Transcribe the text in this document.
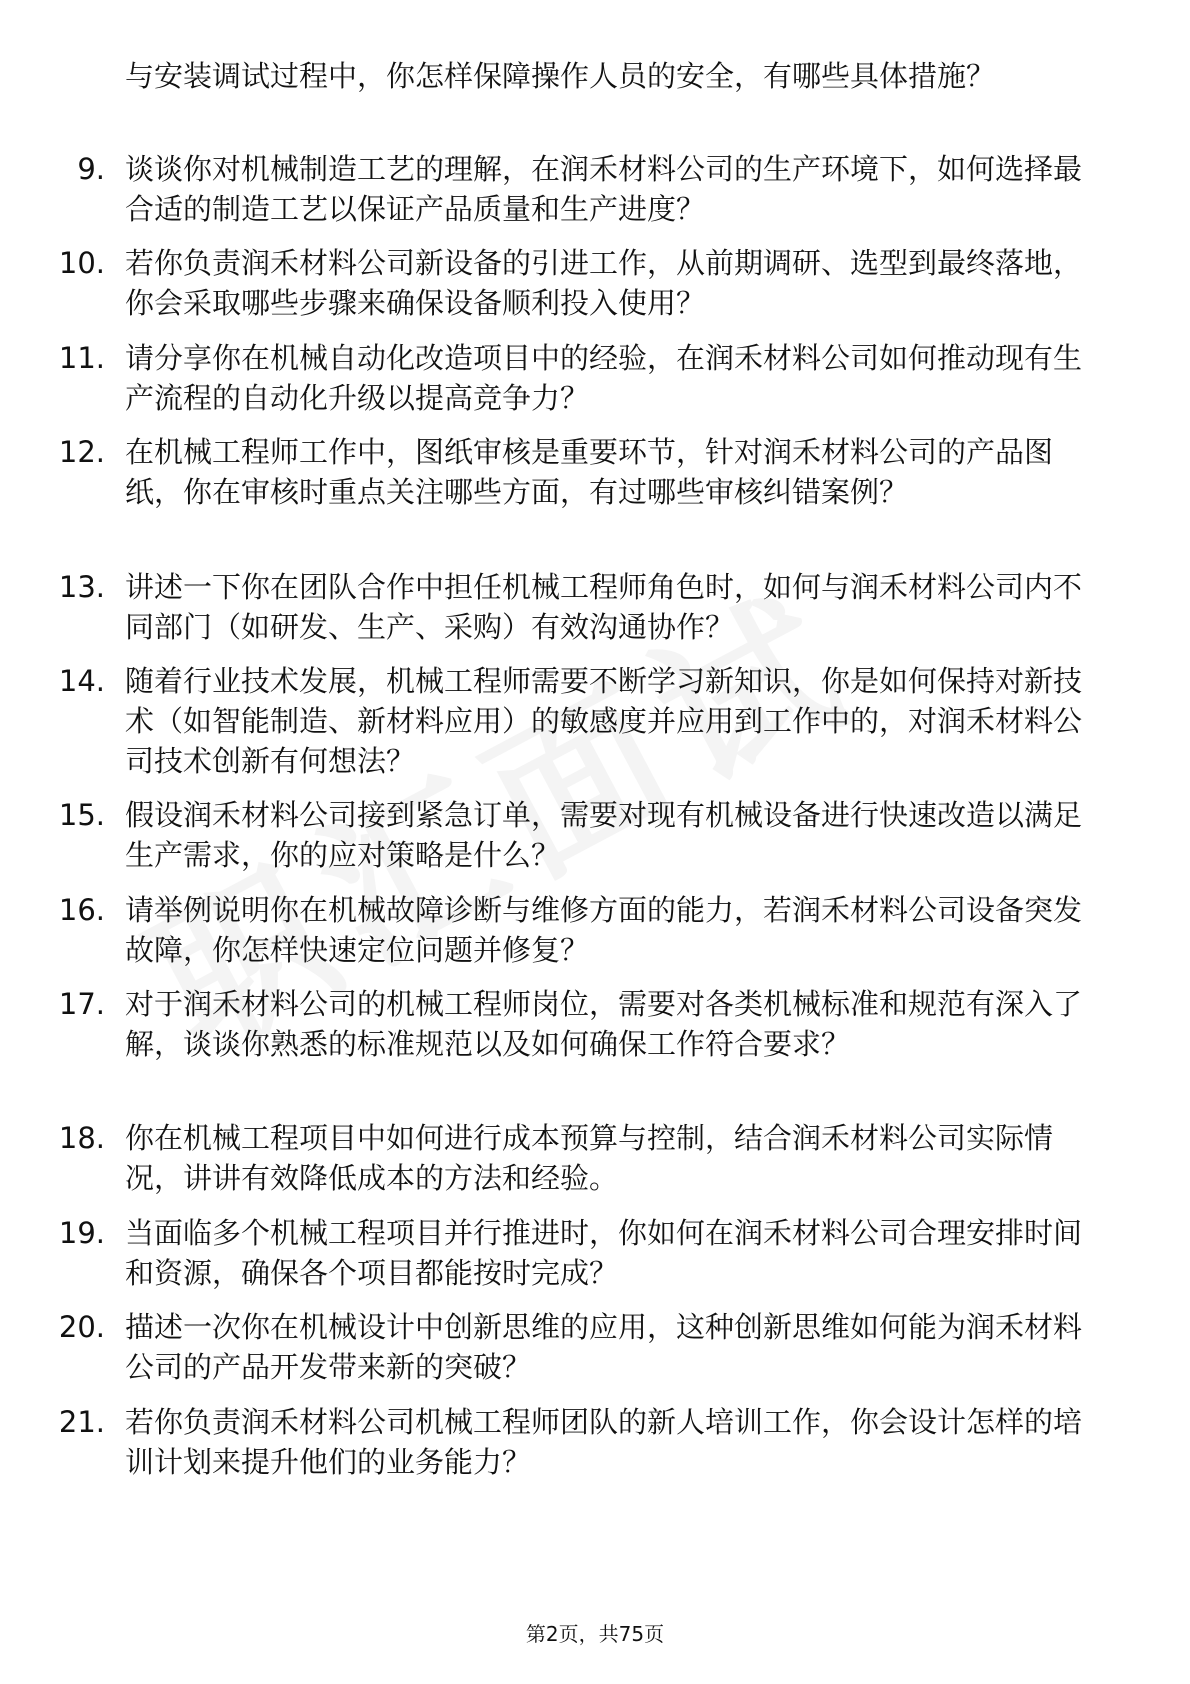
与安装调试过程中，你怎样保障操作人员的安全，有哪些具体措施？
9. 谈谈你对机械制造工艺的理解，在润禾材料公司的生产环境下，如何选择最合适的制造工艺以保证产品质量和生产进度？
10. 若你负责润禾材料公司新设备的引进工作，从前期调研、选型到最终落地，你会采取哪些步骤来确保设备顺利投入使用？
11. 请分享你在机械自动化改造项目中的经验，在润禾材料公司如何推动现有生产流程的自动化升级以提高竞争力？
12. 在机械工程师工作中，图纸审核是重要环节，针对润禾材料公司的产品图纸，你在审核时重点关注哪些方面，有过哪些审核纠错案例？
13. 讲述一下你在团队合作中担任机械工程师角色时，如何与润禾材料公司内不同部门（如研发、生产、采购）有效沟通协作？
14. 随着行业技术发展，机械工程师需要不断学习新知识，你是如何保持对新技术（如智能制造、新材料应用）的敏感度并应用到工作中的，对润禾材料公司技术创新有何想法？
15. 假设润禾材料公司接到紧急订单，需要对现有机械设备进行快速改造以满足生产需求，你的应对策略是什么？
16. 请举例说明你在机械故障诊断与维修方面的能力，若润禾材料公司设备突发故障，你怎样快速定位问题并修复？
17. 对于润禾材料公司的机械工程师岗位，需要对各类机械标准和规范有深入了解，谈谈你熟悉的标准规范以及如何确保工作符合要求？
18. 你在机械工程项目中如何进行成本预算与控制，结合润禾材料公司实际情况，讲讲有效降低成本的方法和经验。
19. 当面临多个机械工程项目并行推进时，你如何在润禾材料公司合理安排时间和资源，确保各个项目都能按时完成？
20. 描述一次你在机械设计中创新思维的应用，这种创新思维如何能为润禾材料公司的产品开发带来新的突破？
21. 若你负责润禾材料公司机械工程师团队的新人培训工作，你会设计怎样的培训计划来提升他们的业务能力？
第2页，共75页
